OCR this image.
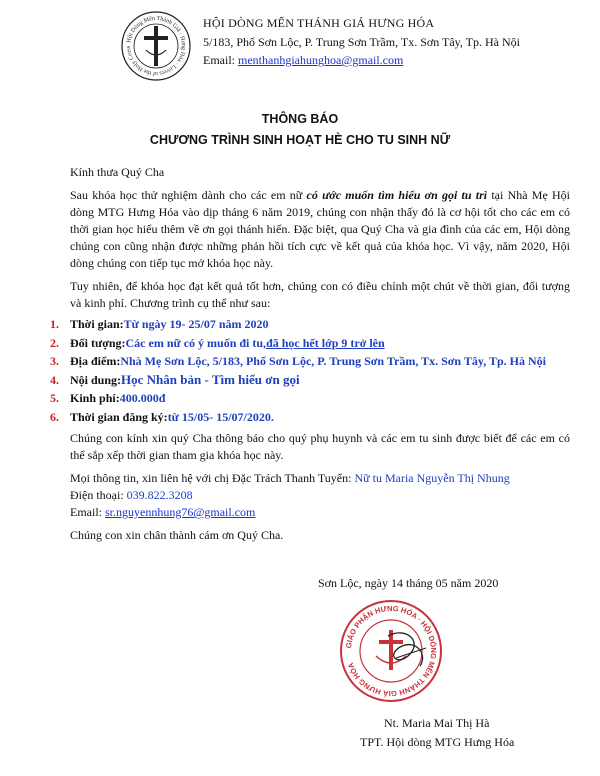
Hội Dòng Mến Thánh Giá · Hưng Hóa · Lovers of the Holy Cross
HỘI DÒNG MẾN THÁNH GIÁ HƯNG HÓA
5/183, Phố Sơn Lộc, P. Trung Sơn Trầm, Tx. Sơn Tây, Tp. Hà Nội
Email: menthanhgiahunghoa@gmail.com
THÔNG BÁO
CHƯƠNG TRÌNH SINH HOẠT HÈ CHO TU SINH NỮ

Kính thưa Quý Cha

Sau khóa học thử nghiệm dành cho các em nữ có ước muốn tìm hiểu ơn gọi tu trì tại Nhà Mẹ Hội dòng MTG Hưng Hóa vào dịp tháng 6 năm 2019, chúng con nhận thấy đó là cơ hội tốt cho các em có thời gian học hiểu thêm về ơn gọi thánh hiến. Đặc biệt, qua Quý Cha và gia đình của các em, Hội dòng chúng con cũng nhận được những phản hồi tích cực về kết quả của khóa học. Vì vậy, năm 2020, Hội dòng chúng con tiếp tục mở khóa học này.

Tuy nhiên, để khóa học đạt kết quả tốt hơn, chúng con có điều chỉnh một chút về thời gian, đối tượng và kinh phí. Chương trình cụ thể như sau:

1. Thời gian: Từ ngày 19- 25/07 năm 2020
2. Đối tượng: Các em nữ có ý muốn đi tu, đã học hết lớp 9 trở lên
3. Địa điểm: Nhà Mẹ Sơn Lộc, 5/183, Phố Sơn Lộc, P. Trung Sơn Trầm, Tx. Sơn Tây, Tp. Hà Nội
4. Nội dung: Học Nhân bản - Tìm hiểu ơn gọi
5. Kinh phí: 400.000đ
6. Thời gian đăng ký: từ 15/05- 15/07/2020.

Chúng con kính xin quý Cha thông báo cho quý phụ huynh và các em tu sinh được biết để các em có thể sắp xếp thời gian tham gia khóa học này.

Mọi thông tin, xin liên hệ với chị Đặc Trách Thanh Tuyển: Nữ tu Maria Nguyễn Thị Nhung

Điện thoại: 039.822.3208

Email: sr.nguyennhung76@gmail.com

Chúng con xin chân thành cám ơn Quý Cha.

Sơn Lộc, ngày 14 tháng 05 năm 2020
GIÁO PHẬN HƯNG HÓA · HỘI DÒNG MẾN THÁNH GIÁ HƯNG HÓA
Nt. Maria Mai Thị Hà
TPT. Hội dòng MTG Hưng Hóa
